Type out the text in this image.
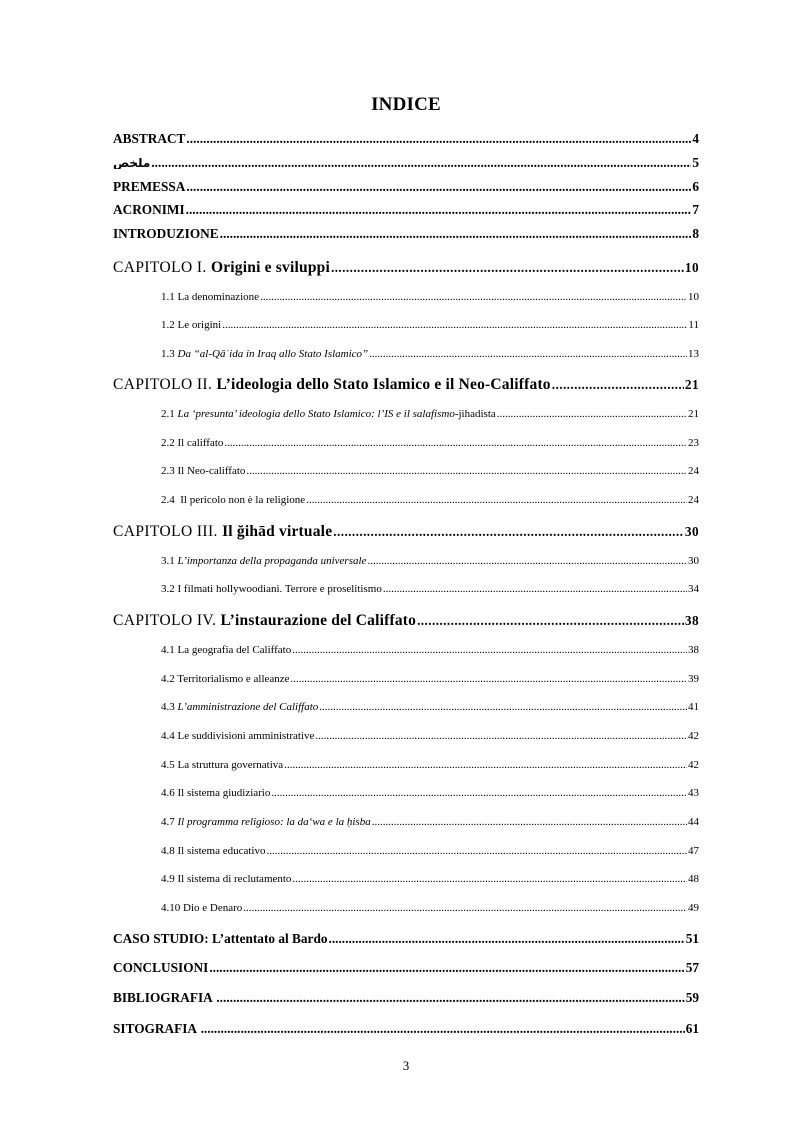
INDICE
ABSTRACT .....	4
ملخص .....	5
PREMESSA .....	6
ACRONIMI .....	7
INTRODUZIONE .....	8
CAPITOLO I. Origini e sviluppi .....	10
1.1 La denominazione .....	10
1.2 Le origini .....	11
1.3 Da “al-Qāʿida in Iraq allo Stato Islamico” .....	13
CAPITOLO II. L’ideologia dello Stato Islamico e il Neo-Califfato .....	21
2.1 La ‘presunta’ ideologia dello Stato Islamico: l’IS e il salafismo-jihadista .....	21
2.2 Il califfato .....	23
2.3 Il Neo-califfato .....	24
2.4  Il pericolo non è la religione .....	24
CAPITOLO III. Il ğihād virtuale .....	30
3.1 L’importanza della propaganda universale .....	30
3.2 I filmati hollywoodiani. Terrore e proselitismo .....	34
CAPITOLO IV. L’instaurazione del Califfato .....	38
4.1 La geografia del Califfato .....	38
4.2 Territorialismo e alleanze .....	39
4.3 L’amministrazione del Califfato .....	41
4.4 Le suddivisioni amministrative .....	42
4.5 La struttura governativa .....	42
4.6 Il sistema giudiziario .....	43
4.7 Il programma religioso: la da‘wa e la ḥisba .....	44
4.8 Il sistema educativo .....	47
4.9 Il sistema di reclutamento .....	48
4.10 Dio e Denaro .....	49
CASO STUDIO: L’attentato al Bardo .....	51
CONCLUSIONI .....	57
BIBLIOGRAFIA .....	59
SITOGRAFIA .....	61
3
